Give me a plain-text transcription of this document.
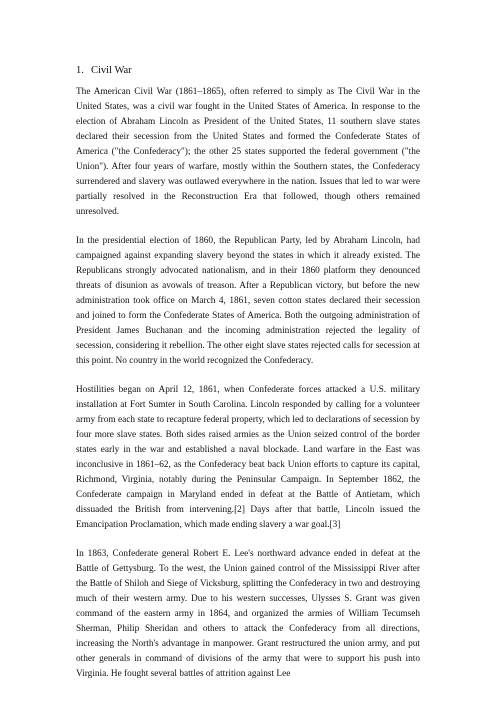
1. Civil War

The American Civil War (1861–1865), often referred to simply as The Civil War in the United States, was a civil war fought in the United States of America. In response to the election of Abraham Lincoln as President of the United States, 11 southern slave states declared their secession from the United States and formed the Confederate States of America ("the Confederacy"); the other 25 states supported the federal government ("the Union"). After four years of warfare, mostly within the Southern states, the Confederacy surrendered and slavery was outlawed everywhere in the nation. Issues that led to war were partially resolved in the Reconstruction Era that followed, though others remained unresolved.

In the presidential election of 1860, the Republican Party, led by Abraham Lincoln, had campaigned against expanding slavery beyond the states in which it already existed. The Republicans strongly advocated nationalism, and in their 1860 platform they denounced threats of disunion as avowals of treason. After a Republican victory, but before the new administration took office on March 4, 1861, seven cotton states declared their secession and joined to form the Confederate States of America. Both the outgoing administration of President James Buchanan and the incoming administration rejected the legality of secession, considering it rebellion. The other eight slave states rejected calls for secession at this point. No country in the world recognized the Confederacy.

Hostilities began on April 12, 1861, when Confederate forces attacked a U.S. military installation at Fort Sumter in South Carolina. Lincoln responded by calling for a volunteer army from each state to recapture federal property, which led to declarations of secession by four more slave states. Both sides raised armies as the Union seized control of the border states early in the war and established a naval blockade. Land warfare in the East was inconclusive in 1861–62, as the Confederacy beat back Union efforts to capture its capital, Richmond, Virginia, notably during the Peninsular Campaign. In September 1862, the Confederate campaign in Maryland ended in defeat at the Battle of Antietam, which dissuaded the British from intervening.[2] Days after that battle, Lincoln issued the Emancipation Proclamation, which made ending slavery a war goal.[3]

In 1863, Confederate general Robert E. Lee's northward advance ended in defeat at the Battle of Gettysburg. To the west, the Union gained control of the Mississippi River after the Battle of Shiloh and Siege of Vicksburg, splitting the Confederacy in two and destroying much of their western army. Due to his western successes, Ulysses S. Grant was given command of the eastern army in 1864, and organized the armies of William Tecumseh Sherman, Philip Sheridan and others to attack the Confederacy from all directions, increasing the North's advantage in manpower. Grant restructured the union army, and put other generals in command of divisions of the army that were to support his push into Virginia. He fought several battles of attrition against Lee
